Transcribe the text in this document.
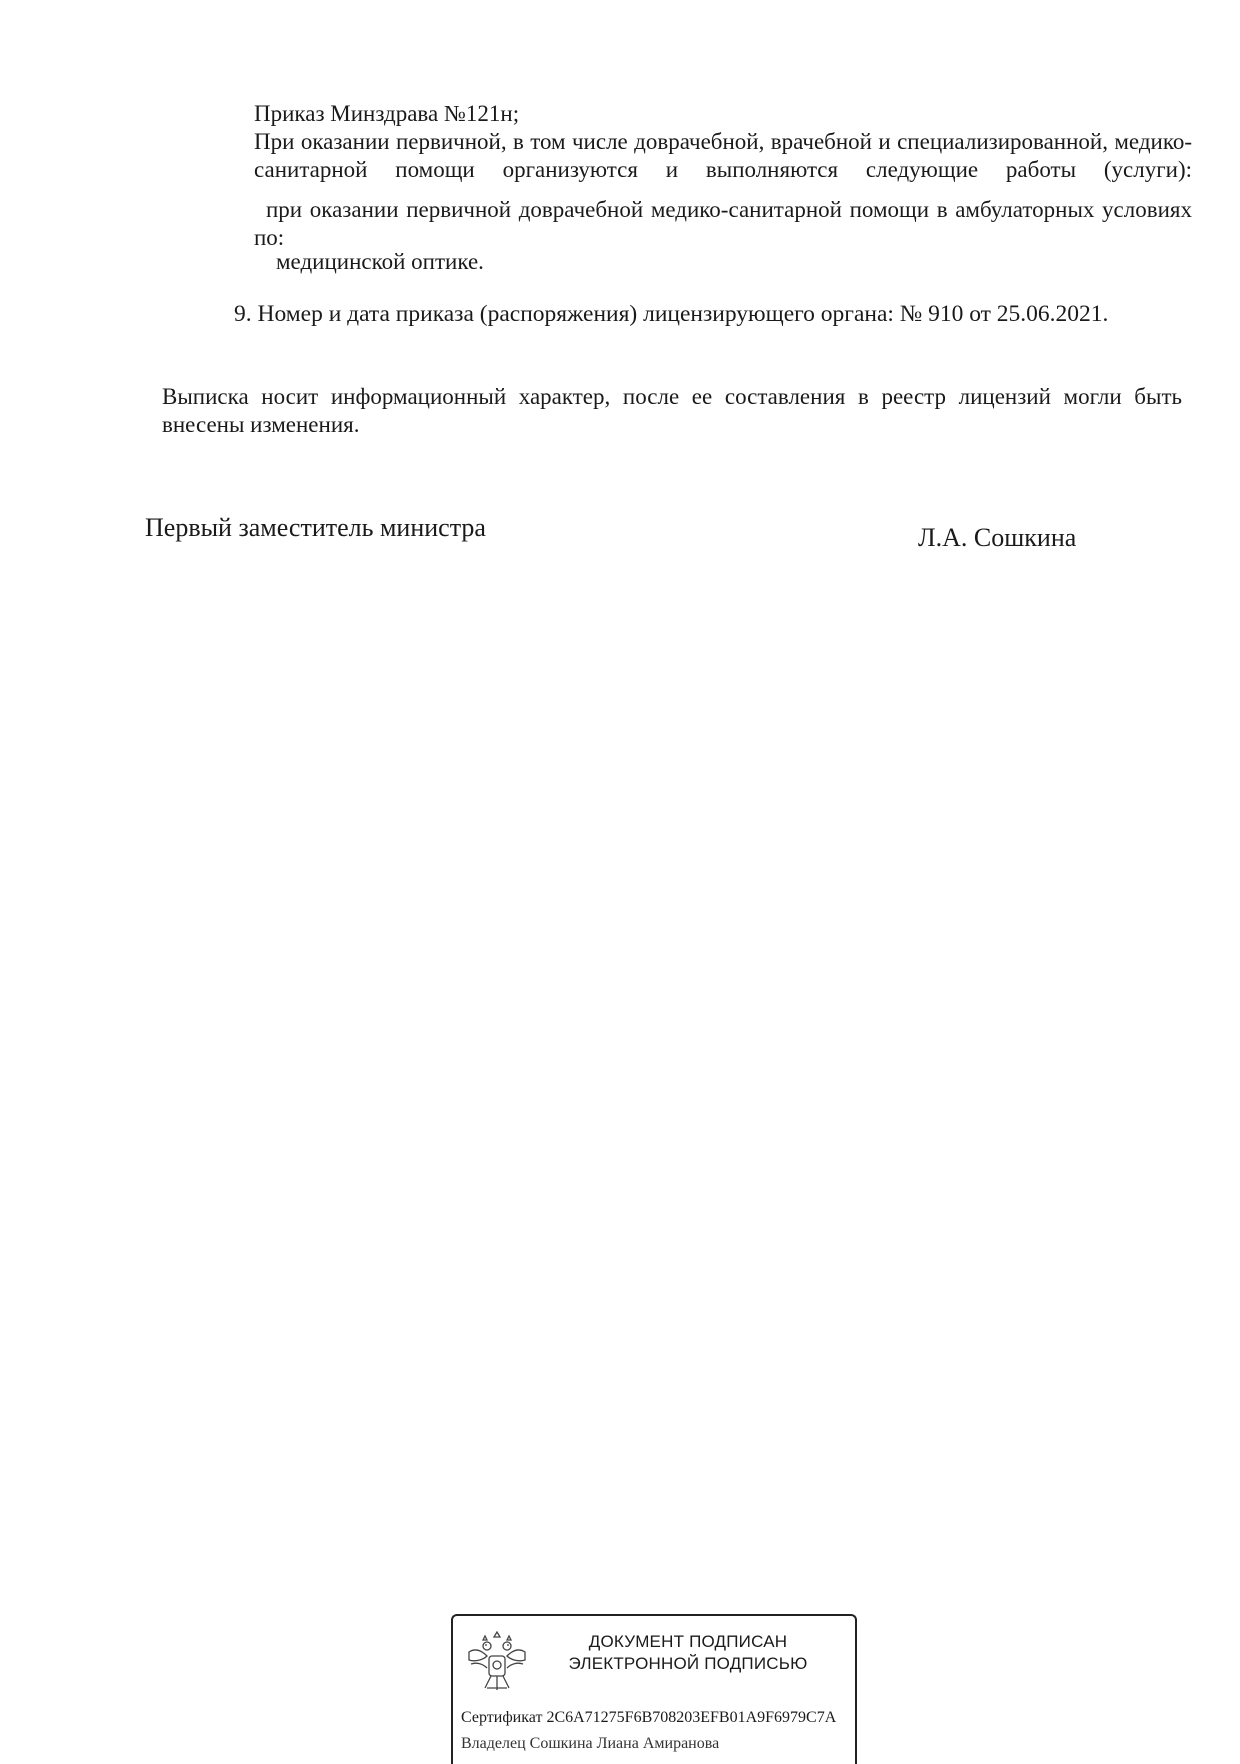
Приказ Минздрава №121н;

При оказании первичной, в том числе доврачебной, врачебной и специализированной, медико-санитарной помощи организуются и выполняются следующие работы (услуги):
при оказании первичной доврачебной медико-санитарной помощи в амбулаторных условиях по:

медицинской оптике.

9. Номер и дата приказа (распоряжения) лицензирующего органа: № 910 от 25.06.2021.

Выписка носит информационный характер, после ее составления в реестр лицензий могли быть внесены изменения.
Первый заместитель министра	Л.А. Сошкина
ДОКУМЕНТ ПОДПИСАН
ЭЛЕКТРОННОЙ ПОДПИСЬЮ
Сертификат 2C6A71275F6B708203EFB01A9F6979C7A
Владелец Сошкина Лиана Амиранова
